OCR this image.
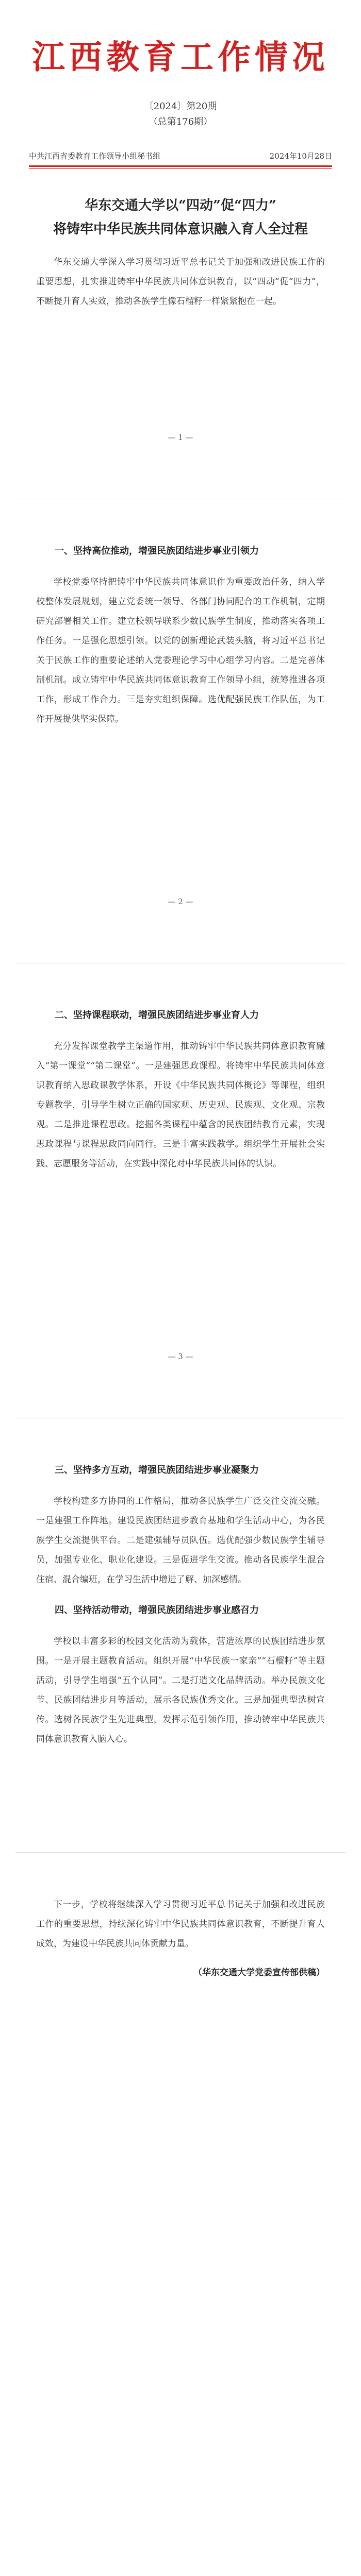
江西教育工作情况
〔2024〕第20期
（总第176期）
中共江西省委教育工作领导小组秘书组	2024年10月28日
华东交通大学以“四动”促“四力”
将铸牢中华民族共同体意识融入育人全过程

华东交通大学深入学习贯彻习近平总书记关于加强和改进民族工作的重要思想，扎实推进铸牢中华民族共同体意识教育，以“四动”促“四力”，不断提升育人实效，推动各族学生像石榴籽一样紧紧抱在一起。

— 1 —
一、坚持高位推动，增强民族团结进步事业引领力

学校党委坚持把铸牢中华民族共同体意识作为重要政治任务，纳入学校整体发展规划，建立党委统一领导、各部门协同配合的工作机制，定期研究部署相关工作。建立校领导联系少数民族学生制度，推动落实各项工作任务。一是强化思想引领。以党的创新理论武装头脑，将习近平总书记关于民族工作的重要论述纳入党委理论学习中心组学习内容。二是完善体制机制。成立铸牢中华民族共同体意识教育工作领导小组，统筹推进各项工作，形成工作合力。三是夯实组织保障。选优配强民族工作队伍，为工作开展提供坚实保障。

— 2 —
二、坚持课程联动，增强民族团结进步事业育人力

充分发挥课堂教学主渠道作用，推动铸牢中华民族共同体意识教育融入“第一课堂”“第二课堂”。一是建强思政课程。将铸牢中华民族共同体意识教育纳入思政课教学体系，开设《中华民族共同体概论》等课程，组织专题教学，引导学生树立正确的国家观、历史观、民族观、文化观、宗教观。二是推进课程思政。挖掘各类课程中蕴含的民族团结教育元素，实现思政课程与课程思政同向同行。三是丰富实践教学。组织学生开展社会实践、志愿服务等活动，在实践中深化对中华民族共同体的认识。

— 3 —
三、坚持多方互动，增强民族团结进步事业凝聚力

学校构建多方协同的工作格局，推动各民族学生广泛交往交流交融。一是建强工作阵地。建设民族团结进步教育基地和学生活动中心，为各民族学生交流提供平台。二是建强辅导员队伍。选优配强少数民族学生辅导员，加强专业化、职业化建设。三是促进学生交流。推动各民族学生混合住宿、混合编班，在学习生活中增进了解、加深感情。

四、坚持活动带动，增强民族团结进步事业感召力

学校以丰富多彩的校园文化活动为载体，营造浓厚的民族团结进步氛围。一是开展主题教育活动。组织开展“中华民族一家亲”“石榴籽”等主题活动，引导学生增强“五个认同”。二是打造文化品牌活动。举办民族文化节、民族团结进步月等活动，展示各民族优秀文化。三是加强典型选树宣传。选树各民族学生先进典型，发挥示范引领作用，推动铸牢中华民族共同体意识教育入脑入心。

下一步，学校将继续深入学习贯彻习近平总书记关于加强和改进民族工作的重要思想，持续深化铸牢中华民族共同体意识教育，不断提升育人成效，为建设中华民族共同体贡献力量。

（华东交通大学党委宣传部供稿）
